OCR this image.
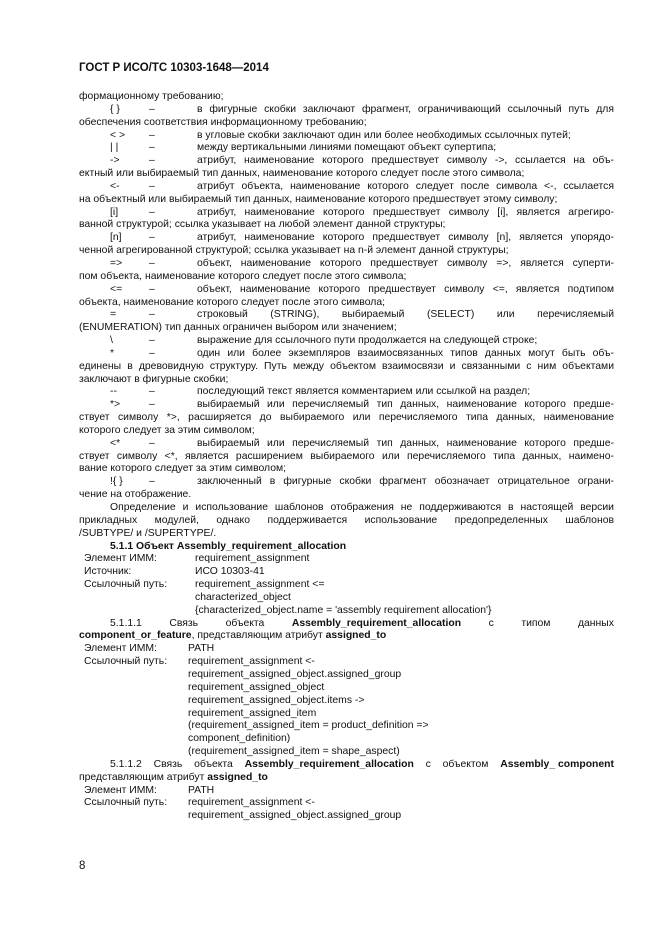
ГОСТ Р ИСО/ТС 10303-1648—2014
формационному требованию;
{ }	–	в фигурные скобки заключают фрагмент, ограничивающий ссылочный путь для
обеспечения соответствия информационному требованию;
< > –	в угловые скобки заключают один или более необходимых ссылочных путей;
| |	–	между вертикальными линиями помещают объект супертипа;
->	–	атрибут, наименование которого предшествует символу ->, ссылается на объ-
ектный или выбираемый тип данных, наименование которого следует после этого символа;
<-	–	атрибут объекта, наименование которого следует после символа <-, ссылается
на объектный или выбираемый тип данных, наименование которого предшествует этому символу;
[i]	–	атрибут, наименование которого предшествует символу [i], является агрегиро-
ванной структурой; ссылка указывает на любой элемент данной структуры;
[n]	–	атрибут, наименование которого предшествует символу [n], является упорядо-
ченной агрегированной структурой; ссылка указывает на n-й элемент данной структуры;
=>	–	объект, наименование которого предшествует символу =>, является суперти-
пом объекта, наименование которого следует после этого символа;
<=	–	объект, наименование которого предшествует символу <=, является подтипом
объекта, наименование которого следует после этого символа;
=	–	строковый (STRING), выбираемый (SELECT) или перечисляемый
(ENUMERATION) тип данных ограничен выбором или значением;
\	–	выражение для ссылочного пути продолжается на следующей строке;
*	–	один или более экземпляров взаимосвязанных типов данных могут быть объ-
единены в древовидную структуру. Путь между объектом взаимосвязи и связанными с ним объектами
заключают в фигурные скобки;
--	–	последующий текст является комментарием или ссылкой на раздел;
*>	–	выбираемый или перечисляемый тип данных, наименование которого предше-
ствует символу *>, расширяется до выбираемого или перечисляемого типа данных, наименование
которого следует за этим символом;
<*	–	выбираемый или перечисляемый тип данных, наименование которого предше-
ствует символу <*, является расширением выбираемого или перечисляемого типа данных, наимено-
вание которого следует за этим символом;
!{ }	–	заключенный в фигурные скобки фрагмент обозначает отрицательное ограни-
чение на отображение.
Определение и использование шаблонов отображения не поддерживаются в настоящей версии
прикладных модулей, однако поддерживается использование предопределенных шаблонов
/SUBTYPE/ и /SUPERTYPE/.
5.1.1 Объект Assembly_requirement_allocation
Элемент ИММ:	requirement_assignment
Источник:	ИСО 10303-41
Ссылочный путь:	requirement_assignment <=
characterized_object
{characterized_object.name = 'assembly requirement allocation'}
5.1.1.1	Связь	объекта	Assembly_requirement_allocation	с	типом	данных
component_or_feature, представляющим атрибут assigned_to
Элемент ИММ:	PATH
Ссылочный путь: requirement_assignment <-
requirement_assigned_object.assigned_group
requirement_assigned_object
requirement_assigned_object.items ->
requirement_assigned_item
(requirement_assigned_item = product_definition =>
component_definition)
(requirement_assigned_item = shape_aspect)
5.1.1.2 Связь объекта Assembly_requirement_allocation с объектом Assembly_ component
представляющим атрибут assigned_to
Элемент ИММ:	PATH
Ссылочный путь: requirement_assignment <-
requirement_assigned_object.assigned_group
8
